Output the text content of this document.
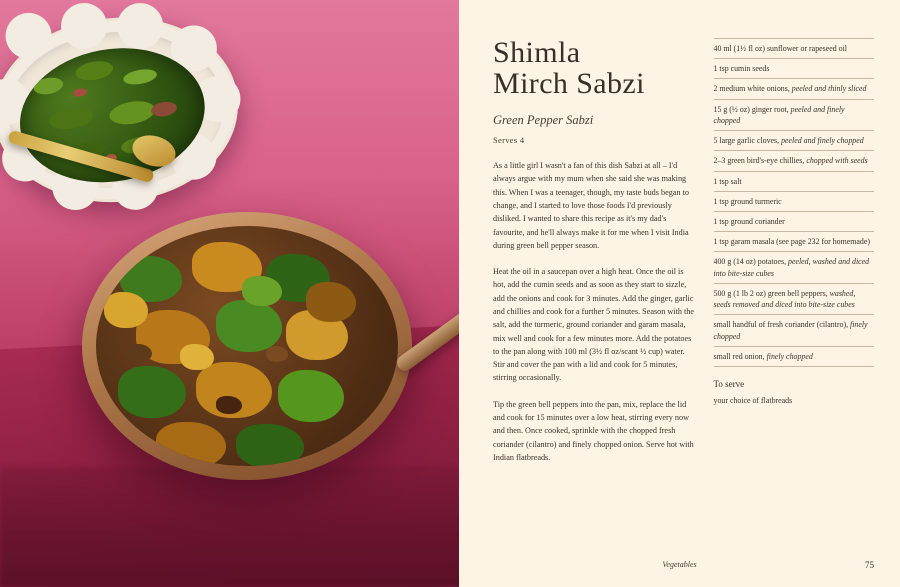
Shimla
Mirch Sabzi
Green Pepper Sabzi
Serves 4

As a little girl I wasn't a fan of this dish Sabzi at all – I'd always argue with my mum when she said she was making this. When I was a teenager, though, my taste buds began to change, and I started to love those foods I'd previously disliked. I wanted to share this recipe as it's my dad's favourite, and he'll always make it for me when I visit India during green bell pepper season.

Heat the oil in a saucepan over a high heat. Once the oil is hot, add the cumin seeds and as soon as they start to sizzle, add the onions and cook for 3 minutes. Add the ginger, garlic and chillies and cook for a further 5 minutes. Season with the salt, add the turmeric, ground coriander and garam masala, mix well and cook for a few minutes more. Add the potatoes to the pan along with 100 ml (3½ fl oz/scant ½ cup) water. Stir and cover the pan with a lid and cook for 5 minutes, stirring occasionally.

Tip the green bell peppers into the pan, mix, replace the lid and cook for 15 minutes over a low heat, stirring every now and then. Once cooked, sprinkle with the chopped fresh coriander (cilantro) and finely chopped onion. Serve hot with Indian flatbreads.

40 ml (1½ fl oz) sunflower or rapeseed oil
1 tsp cumin seeds
2 medium white onions, peeled and thinly sliced
15 g (½ oz) ginger root, peeled and finely chopped
5 large garlic cloves, peeled and finely chopped
2–3 green bird's-eye chillies, chopped with seeds
1 tsp salt
1 tsp ground turmeric
1 tsp ground coriander
1 tsp garam masala (see page 232 for homemade)
400 g (14 oz) potatoes, peeled, washed and diced into bite-size cubes
500 g (1 lb 2 oz) green bell peppers, washed, seeds removed and diced into bite-size cubes
small handful of fresh coriander (cilantro), finely chopped
small red onion, finely chopped
To serve
your choice of flatbreads
Vegetables	75
